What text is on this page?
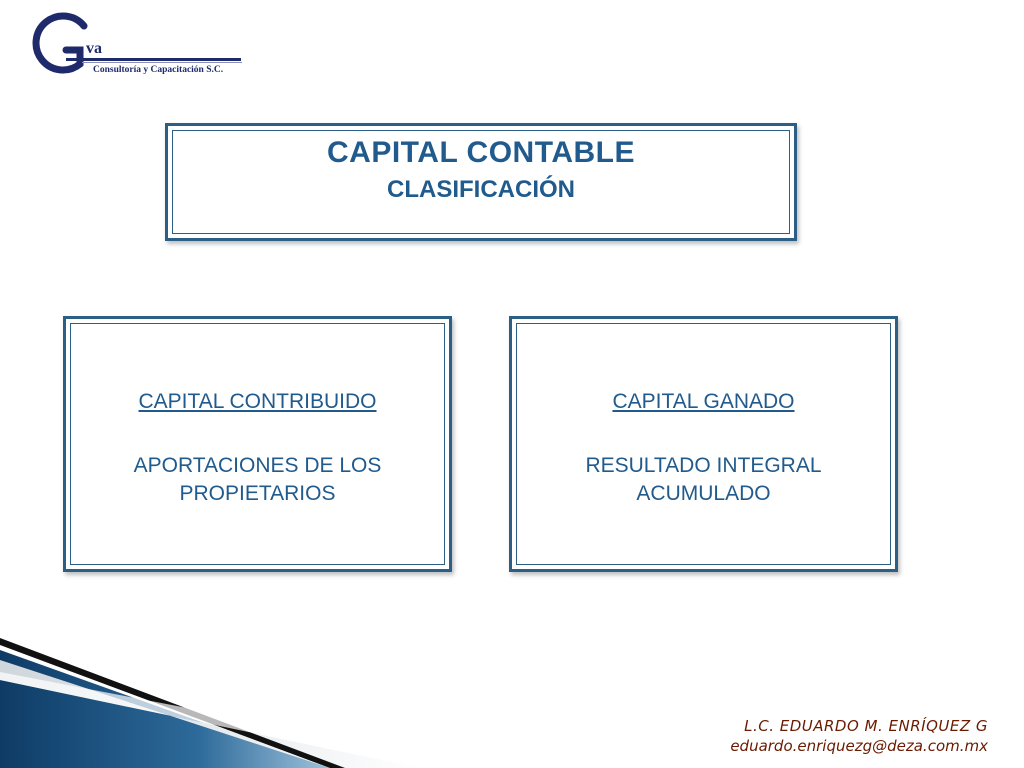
va
Consultoría y Capacitación S.C.
CAPITAL CONTABLE
CLASIFICACIÓN
CAPITAL CONTRIBUIDO
APORTACIONES DE LOS PROPIETARIOS
CAPITAL GANADO
RESULTADO INTEGRAL ACUMULADO
L.C. EDUARDO M. ENRÍQUEZ G
eduardo.enriquezg@deza.com.mx
